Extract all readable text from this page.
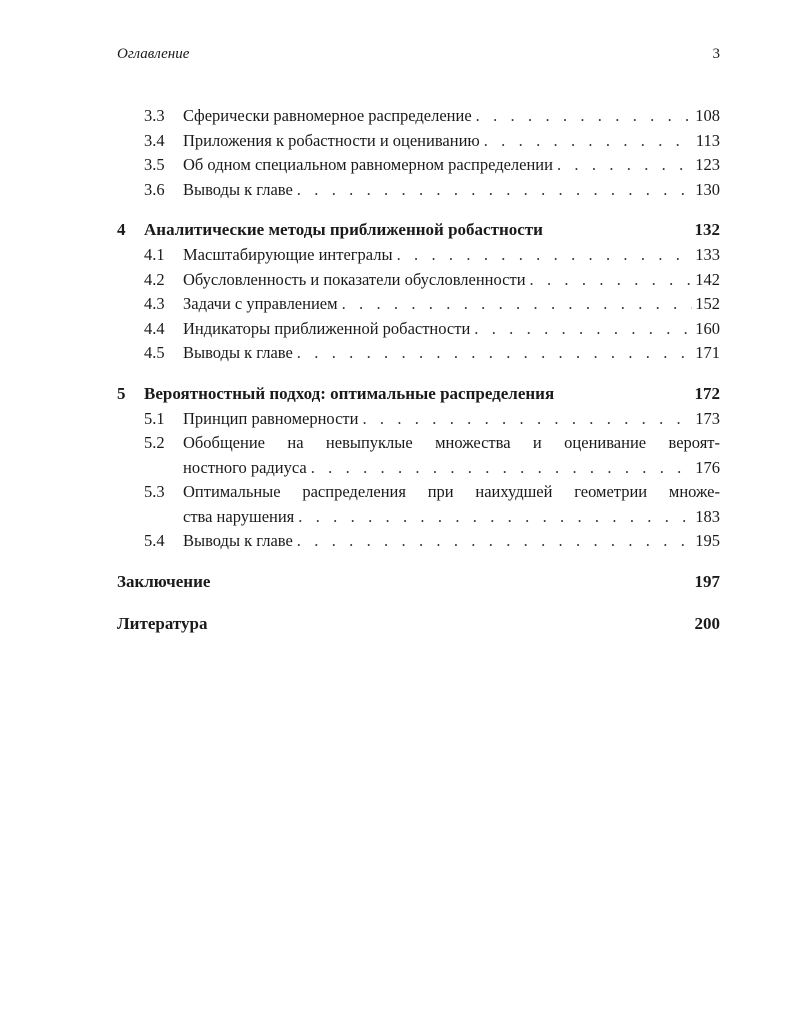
Оглавление	3
3.3	Сферически равномерное распределение . . .	108
3.4	Приложения к робастности и оцениванию . . .	113
3.5	Об одном специальном равномерном распределении . . .	123
3.6	Выводы к главе . . .	130
4 Аналитические методы приближенной робастности	132
4.1	Масштабирующие интегралы . . .	133
4.2	Обусловленность и показатели обусловленности . . .	142
4.3	Задачи с управлением . . .	152
4.4	Индикаторы приближенной робастности . . .	160
4.5	Выводы к главе . . .	171
5 Вероятностный подход: оптимальные распределения	172
5.1	Принцип равномерности . . .	173
5.2	Обобщение на невыпуклые множества и оценивание вероят-
ностного радиуса . . .	176
5.3	Оптимальные распределения при наихудшей геометрии множе-
ства нарушения . . .	183
5.4	Выводы к главе . . .	195
Заключение	197
Литература	200
